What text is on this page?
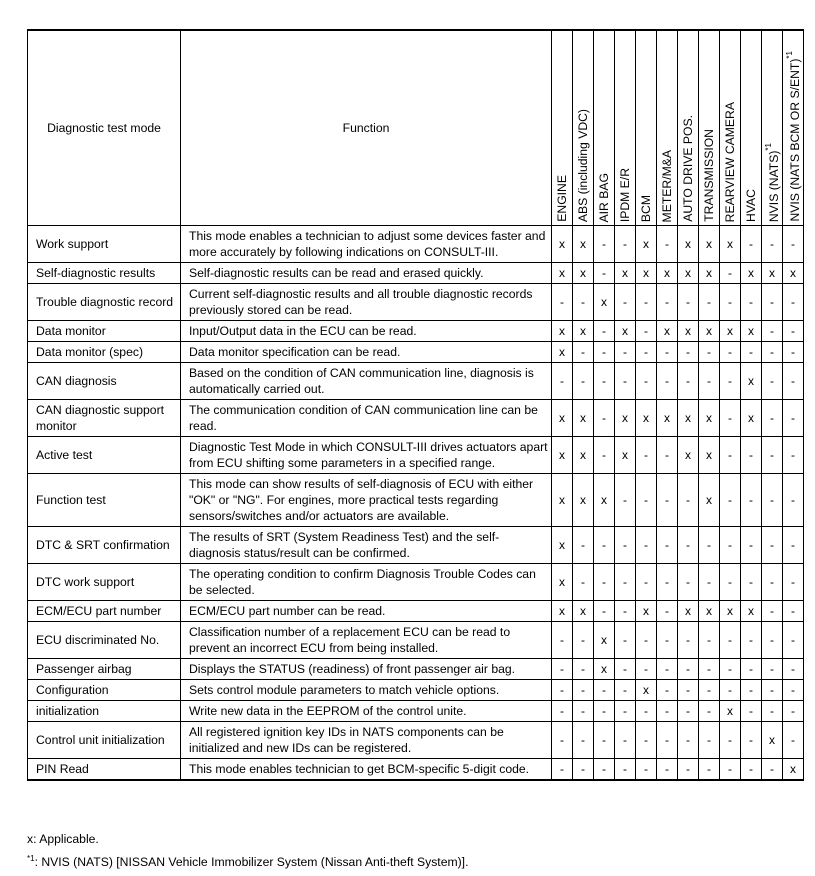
Diagnostic test mode	Function	ENGINE	ABS (including VDC)	AIR BAG	IPDM E/R	BCM	METER/M&A	AUTO DRIVE POS.	TRANSMISSION	REARVIEW CAMERA	HVAC	NVIS (NATS)$^{*1}$	NVIS (NATS BCM OR S/ENT)$^{*1}$
Work support	This mode enables a technician to adjust some devices faster and more accurately by following indications on CONSULT-III.	x	x	-	-	x	-	x	x	x	-	-	-
Self-diagnostic results	Self-diagnostic results can be read and erased quickly.	x	x	-	x	x	x	x	x	-	x	x	x
Trouble diagnostic record	Current self-diagnostic results and all trouble diagnostic records previously stored can be read.	-	-	x	-	-	-	-	-	-	-	-	-
Data monitor	Input/Output data in the ECU can be read.	x	x	-	x	-	x	x	x	x	x	-	-
Data monitor (spec)	Data monitor specification can be read.	x	-	-	-	-	-	-	-	-	-	-	-
CAN diagnosis	Based on the condition of CAN communication line, diagnosis is automatically carried out.	-	-	-	-	-	-	-	-	-	x	-	-
CAN diagnostic support monitor	The communication condition of CAN communication line can be read.	x	x	-	x	x	x	x	x	-	x	-	-
Active test	Diagnostic Test Mode in which CONSULT-III drives actuators apart from ECU shifting some parameters in a specified range.	x	x	-	x	-	-	x	x	-	-	-	-
Function test	This mode can show results of self-diagnosis of ECU with either "OK" or "NG". For engines, more practical tests regarding sensors/switches and/or actuators are available.	x	x	x	-	-	-	-	x	-	-	-	-
DTC & SRT confirmation	The results of SRT (System Readiness Test) and the self-diagnosis status/result can be confirmed.	x	-	-	-	-	-	-	-	-	-	-	-
DTC work support	The operating condition to confirm Diagnosis Trouble Codes can be selected.	x	-	-	-	-	-	-	-	-	-	-	-
ECM/ECU part number	ECM/ECU part number can be read.	x	x	-	-	x	-	x	x	x	x	-	-
ECU discriminated No.	Classification number of a replacement ECU can be read to prevent an incorrect ECU from being installed.	-	-	x	-	-	-	-	-	-	-	-	-
Passenger airbag	Displays the STATUS (readiness) of front passenger air bag.	-	-	x	-	-	-	-	-	-	-	-	-
Configuration	Sets control module parameters to match vehicle options.	-	-	-	-	x	-	-	-	-	-	-	-
initialization	Write new data in the EEPROM of the control unite.	-	-	-	-	-	-	-	-	x	-	-	-
Control unit initialization	All registered ignition key IDs in NATS components can be initialized and new IDs can be registered.	-	-	-	-	-	-	-	-	-	-	x	-
PIN Read	This mode enables technician to get BCM-specific 5-digit code.	-	-	-	-	-	-	-	-	-	-	-	x
x: Applicable.
$^{*1}$: NVIS (NATS) [NISSAN Vehicle Immobilizer System (Nissan Anti-theft System)].
